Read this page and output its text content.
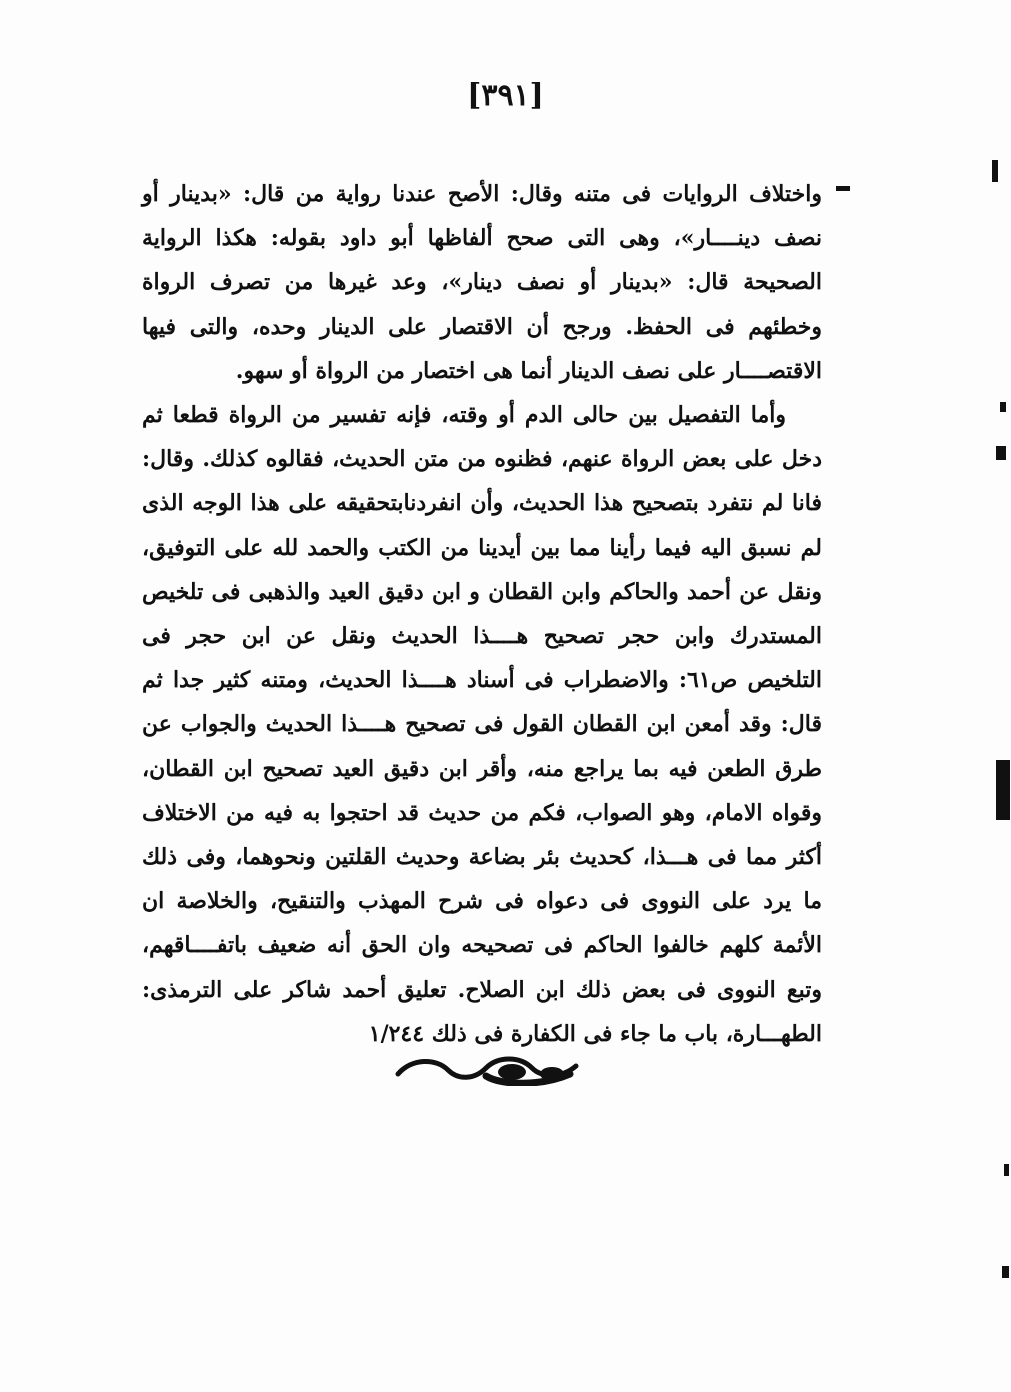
[٣٩١]

واختلاف الروايات فى متنه وقال: الأصح عندنا رواية من قال: «بدينار أو نصف دينــــار»، وهى التى صحح ألفاظها أبو داود بقوله: هكذا الرواية الصحيحة قال: «بدينار أو نصف دينار»، وعد غيرها من تصرف الرواة وخطئهم فى الحفظ. ورجح أن الاقتصار على الدينار وحده، والتى فيها الاقتصــــار على نصف الدينار أنما هى اختصار من الرواة أو سهو.

وأما التفصيل بين حالى الدم أو وقته، فإنه تفسير من الرواة قطعا ثم دخل على بعض الرواة عنهم، فظنوه من متن الحديث، فقالوه كذلك. وقال: فانا لم نتفرد بتصحيح هذا الحديث، وأن انفردنابتحقيقه على هذا الوجه الذى لم نسبق اليه فيما رأينا مما بين أيدينا من الكتب والحمد لله على التوفيق، ونقل عن أحمد والحاكم وابن القطان و ابن دقيق العيد والذهبى فى تلخيص المستدرك وابن حجر تصحيح هــــذا الحديث ونقل عن ابن حجر فى التلخيص ص٦١: والاضطراب فى أسناد هــــذا الحديث، ومتنه كثير جدا ثم قال: وقد أمعن ابن القطان القول فى تصحيح هــــذا الحديث والجواب عن طرق الطعن فيه بما يراجع منه، وأقر ابن دقيق العيد تصحيح ابن القطان، وقواه الامام، وهو الصواب، فكم من حديث قد احتجوا به فيه من الاختلاف أكثر مما فى هـــذا، كحديث بئر بضاعة وحديث القلتين ونحوهما، وفى ذلك ما يرد على النووى فى دعواه فى شرح المهذب والتنقيح، والخلاصة ان الأئمة كلهم خالفوا الحاكم فى تصحيحه وان الحق أنه ضعيف باتفــــاقهم، وتبع النووى فى بعض ذلك ابن الصلاح. تعليق أحمد شاكر على الترمذى: الطهـــارة، باب ما جاء فى الكفارة فى ذلك ١/٢٤٤
